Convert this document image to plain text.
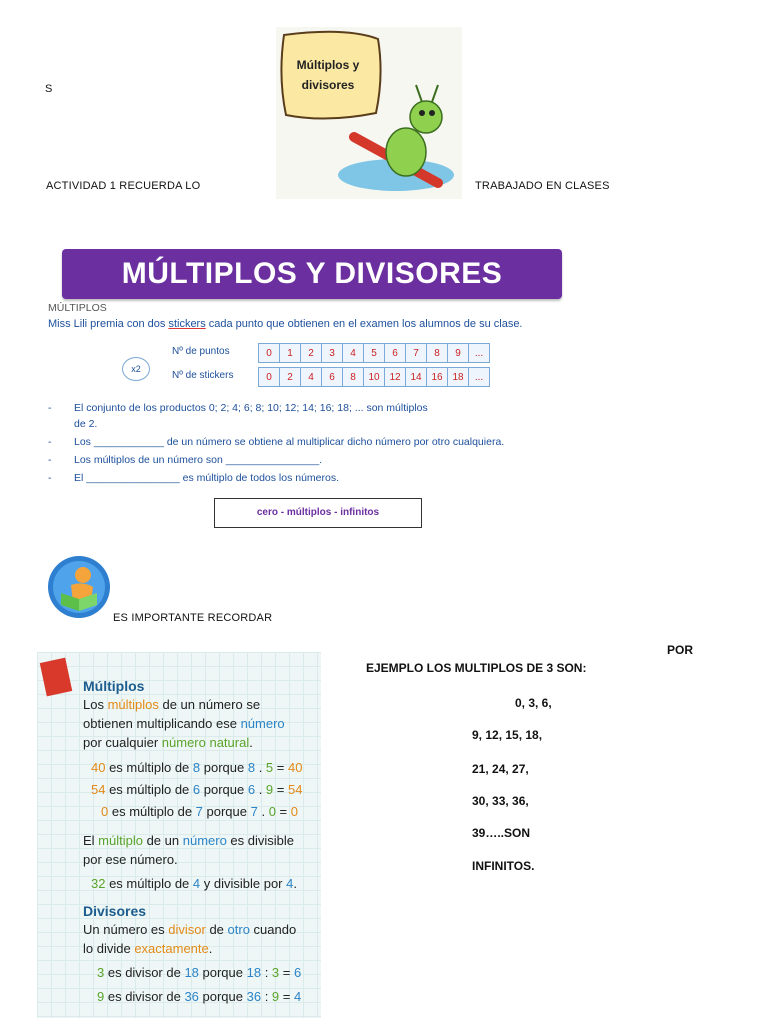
S
ACTIVIDAD 1 RECUERDA LO	TRABAJADO EN CLASES
Múltiplos y
divisores
MÚLTIPLOS Y DIVISORES
MÚLTIPLOS
Miss Lili premia con dos stickers cada punto que obtienen en el examen los alumnos de su clase.
x2
Nº de puntos
Nº de stickers
0	1	2	3	4	5	6	7	8	9	...
0	2	4	6	8	10	12	14	16	18	...
- El conjunto de los productos 0; 2; 4; 6; 8; 10; 12; 14; 16; 18; ... son múltiplos
de 2.
- Los ____________ de un número se obtiene al multiplicar dicho número por otro cualquiera.
- Los múltiplos de un número son ________________.
- El ________________ es múltiplo de todos los números.
cero - múltiplos - infinitos
ES IMPORTANTE RECORDAR
Múltiplos
Los múltiplos de un número se
obtienen multiplicando ese número
por cualquier número natural.
40 es múltiplo de 8 porque 8 . 5 = 40
54 es múltiplo de 6 porque 6 . 9 = 54
0 es múltiplo de 7 porque 7 . 0 = 0
El múltiplo de un número es divisible
por ese número.
32 es múltiplo de 4 y divisible por 4.
Divisores
Un número es divisor de otro cuando
lo divide exactamente.
3 es divisor de 18 porque 18 : 3 = 6
9 es divisor de 36 porque 36 : 9 = 4
POR
EJEMPLO LOS MULTIPLOS DE 3 SON:
0, 3, 6,
9, 12, 15, 18,
21, 24, 27,
30, 33, 36,
39…..SON
INFINITOS.
